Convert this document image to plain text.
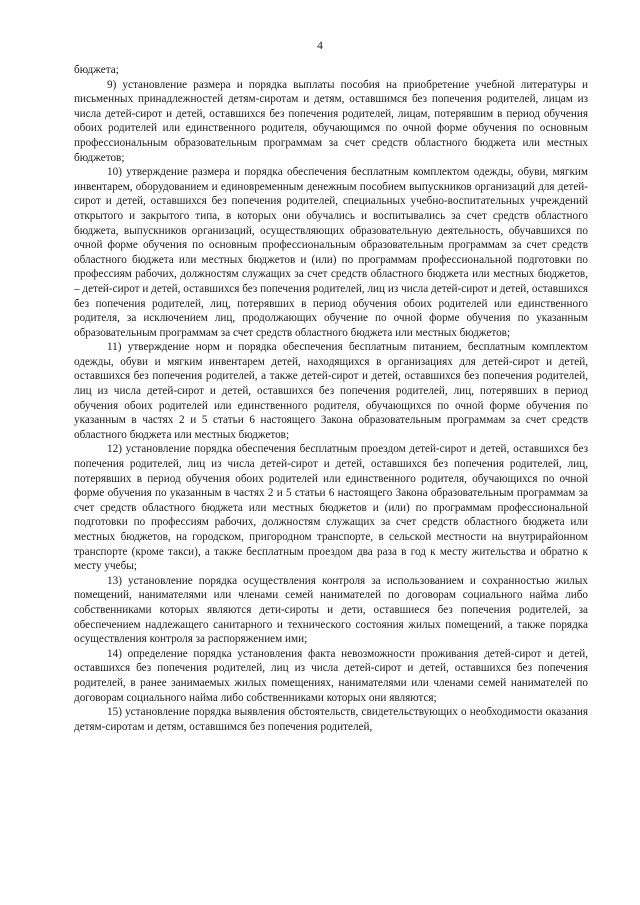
4

бюджета;

9) установление размера и порядка выплаты пособия на приобретение учебной литературы и письменных принадлежностей детям-сиротам и детям, оставшимся без попечения родителей, лицам из числа детей-сирот и детей, оставшихся без попечения родителей, лицам, потерявшим в период обучения обоих родителей или единственного родителя, обучающимся по очной форме обучения по основным профессиональным образовательным программам за счет средств областного бюджета или местных бюджетов;

10) утверждение размера и порядка обеспечения бесплатным комплектом одежды, обуви, мягким инвентарем, оборудованием и единовременным денежным пособием выпускников организаций для детей-сирот и детей, оставшихся без попечения родителей, специальных учебно-воспитательных учреждений открытого и закрытого типа, в которых они обучались и воспитывались за счет средств областного бюджета, выпускников организаций, осуществляющих образовательную деятельность, обучавшихся по очной форме обучения по основным профессиональным образовательным программам за счет средств областного бюджета или местных бюджетов и (или) по программам профессиональной подготовки по профессиям рабочих, должностям служащих за счет средств областного бюджета или местных бюджетов, – детей-сирот и детей, оставшихся без попечения родителей, лиц из числа детей-сирот и детей, оставшихся без попечения родителей, лиц, потерявших в период обучения обоих родителей или единственного родителя, за исключением лиц, продолжающих обучение по очной форме обучения по указанным образовательным программам за счет средств областного бюджета или местных бюджетов;

11) утверждение норм и порядка обеспечения бесплатным питанием, бесплатным комплектом одежды, обуви и мягким инвентарем детей, находящихся в организациях для детей-сирот и детей, оставшихся без попечения родителей, а также детей-сирот и детей, оставшихся без попечения родителей, лиц из числа детей-сирот и детей, оставшихся без попечения родителей, лиц, потерявших в период обучения обоих родителей или единственного родителя, обучающихся по очной форме обучения по указанным в частях 2 и 5 статьи 6 настоящего Закона образовательным программам за счет средств областного бюджета или местных бюджетов;

12) установление порядка обеспечения бесплатным проездом детей-сирот и детей, оставшихся без попечения родителей, лиц из числа детей-сирот и детей, оставшихся без попечения родителей, лиц, потерявших в период обучения обоих родителей или единственного родителя, обучающихся по очной форме обучения по указанным в частях 2 и 5 статьи 6 настоящего Закона образовательным программам за счет средств областного бюджета или местных бюджетов и (или) по программам профессиональной подготовки по профессиям рабочих, должностям служащих за счет средств областного бюджета или местных бюджетов, на городском, пригородном транспорте, в сельской местности на внутрирайонном транспорте (кроме такси), а также бесплатным проездом два раза в год к месту жительства и обратно к месту учебы;

13) установление порядка осуществления контроля за использованием и сохранностью жилых помещений, нанимателями или членами семей нанимателей по договорам социального найма либо собственниками которых являются дети-сироты и дети, оставшиеся без попечения родителей, за обеспечением надлежащего санитарного и технического состояния жилых помещений, а также порядка осуществления контроля за распоряжением ими;

14) определение порядка установления факта невозможности проживания детей-сирот и детей, оставшихся без попечения родителей, лиц из числа детей-сирот и детей, оставшихся без попечения родителей, в ранее занимаемых жилых помещениях, нанимателями или членами семей нанимателей по договорам социального найма либо собственниками которых они являются;

15) установление порядка выявления обстоятельств, свидетельствующих о необходимости оказания детям-сиротам и детям, оставшимся без попечения родителей,
